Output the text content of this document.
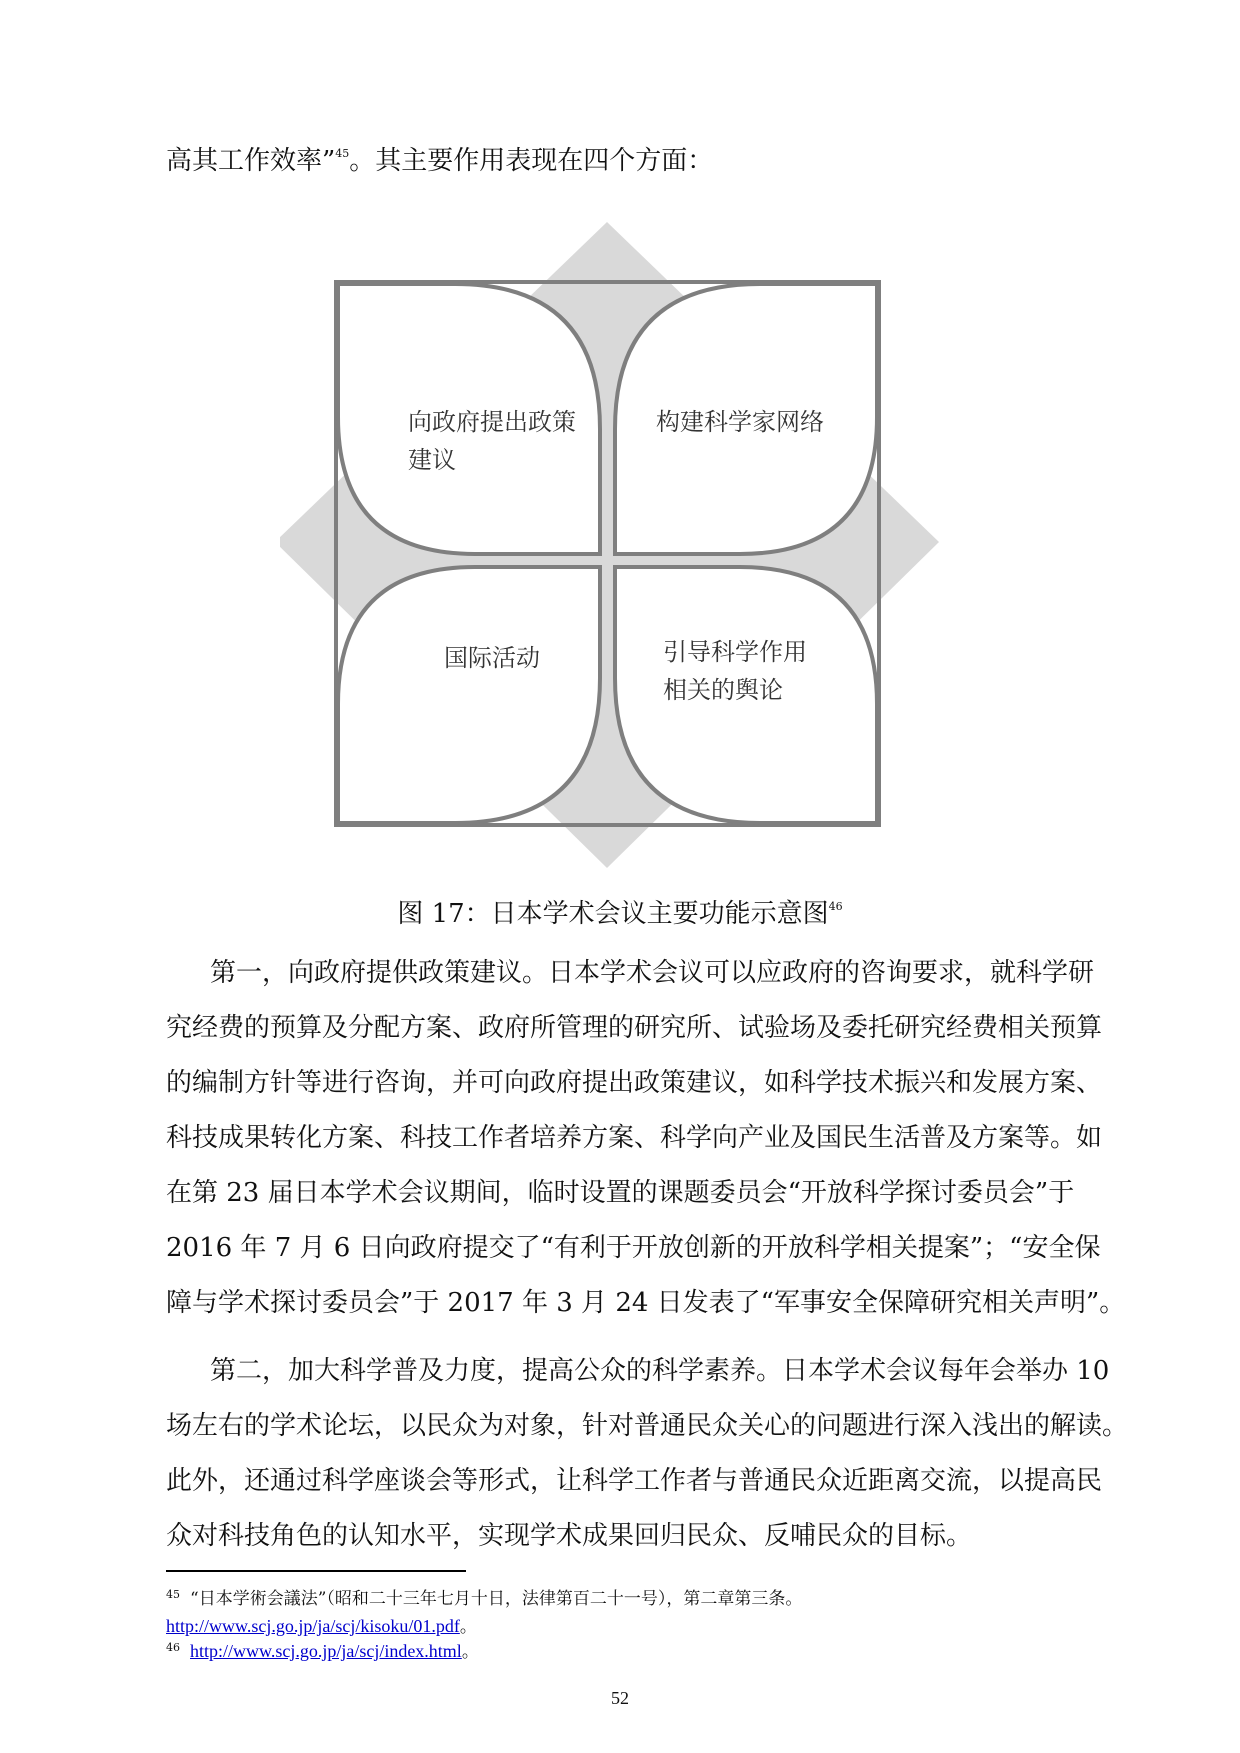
高其工作效率”$^{45}$。其主要作用表现在四个方面：
向政府提出政策
建议
构建科学家网络
国际活动	引导科学作用
相关的舆论
图 17：日本学术会议主要功能示意图$^{46}$
第一，向政府提供政策建议。日本学术会议可以应政府的咨询要求，就科学研
究经费的预算及分配方案、政府所管理的研究所、试验场及委托研究经费相关预算
的编制方针等进行咨询，并可向政府提出政策建议，如科学技术振兴和发展方案、
科技成果转化方案、科技工作者培养方案、科学向产业及国民生活普及方案等。如
在第 23 届日本学术会议期间，临时设置的课题委员会“开放科学探讨委员会”于
2016 年 7 月 6 日向政府提交了“有利于开放创新的开放科学相关提案”；“安全保
障与学术探讨委员会”于 2017 年 3 月 24 日发表了“军事安全保障研究相关声明”。
第二，加大科学普及力度，提高公众的科学素养。日本学术会议每年会举办 10
场左右的学术论坛，以民众为对象，针对普通民众关心的问题进行深入浅出的解读。
此外，还通过科学座谈会等形式，让科学工作者与普通民众近距离交流，以提高民
众对科技角色的认知水平，实现学术成果回归民众、反哺民众的目标。
$^{45}$ “日本学術会議法”（昭和二十三年七月十日，法律第百二十一号），第二章第三条。
http://www.scj.go.jp/ja/scj/kisoku/01.pdf。
$^{46}$ http://www.scj.go.jp/ja/scj/index.html。
52
